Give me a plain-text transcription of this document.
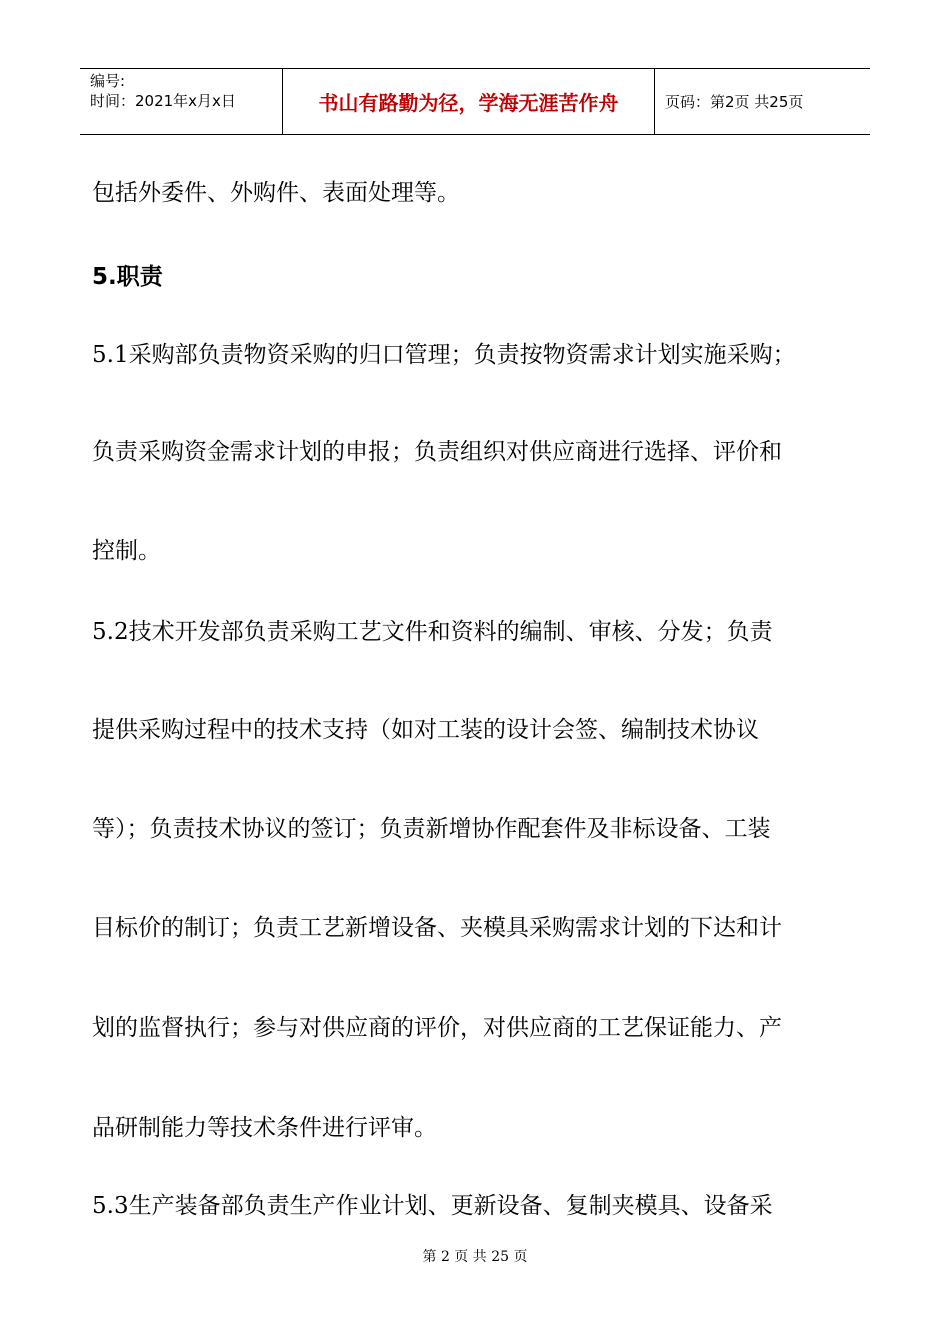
编号:
时间：2021年x月x日	书山有路勤为径，学海无涯苦作舟	页码：第2页 共25页
包括外委件、外购件、表面处理等。
5.职责
5.1采购部负责物资采购的归口管理；负责按物资需求计划实施采购；
负责采购资金需求计划的申报；负责组织对供应商进行选择、评价和
控制。
5.2技术开发部负责采购工艺文件和资料的编制、审核、分发；负责
提供采购过程中的技术支持（如对工装的设计会签、编制技术协议
等）；负责技术协议的签订；负责新增协作配套件及非标设备、工装
目标价的制订；负责工艺新增设备、夹模具采购需求计划的下达和计
划的监督执行；参与对供应商的评价，对供应商的工艺保证能力、产
品研制能力等技术条件进行评审。
5.3生产装备部负责生产作业计划、更新设备、复制夹模具、设备采
第 2 页 共 25 页
